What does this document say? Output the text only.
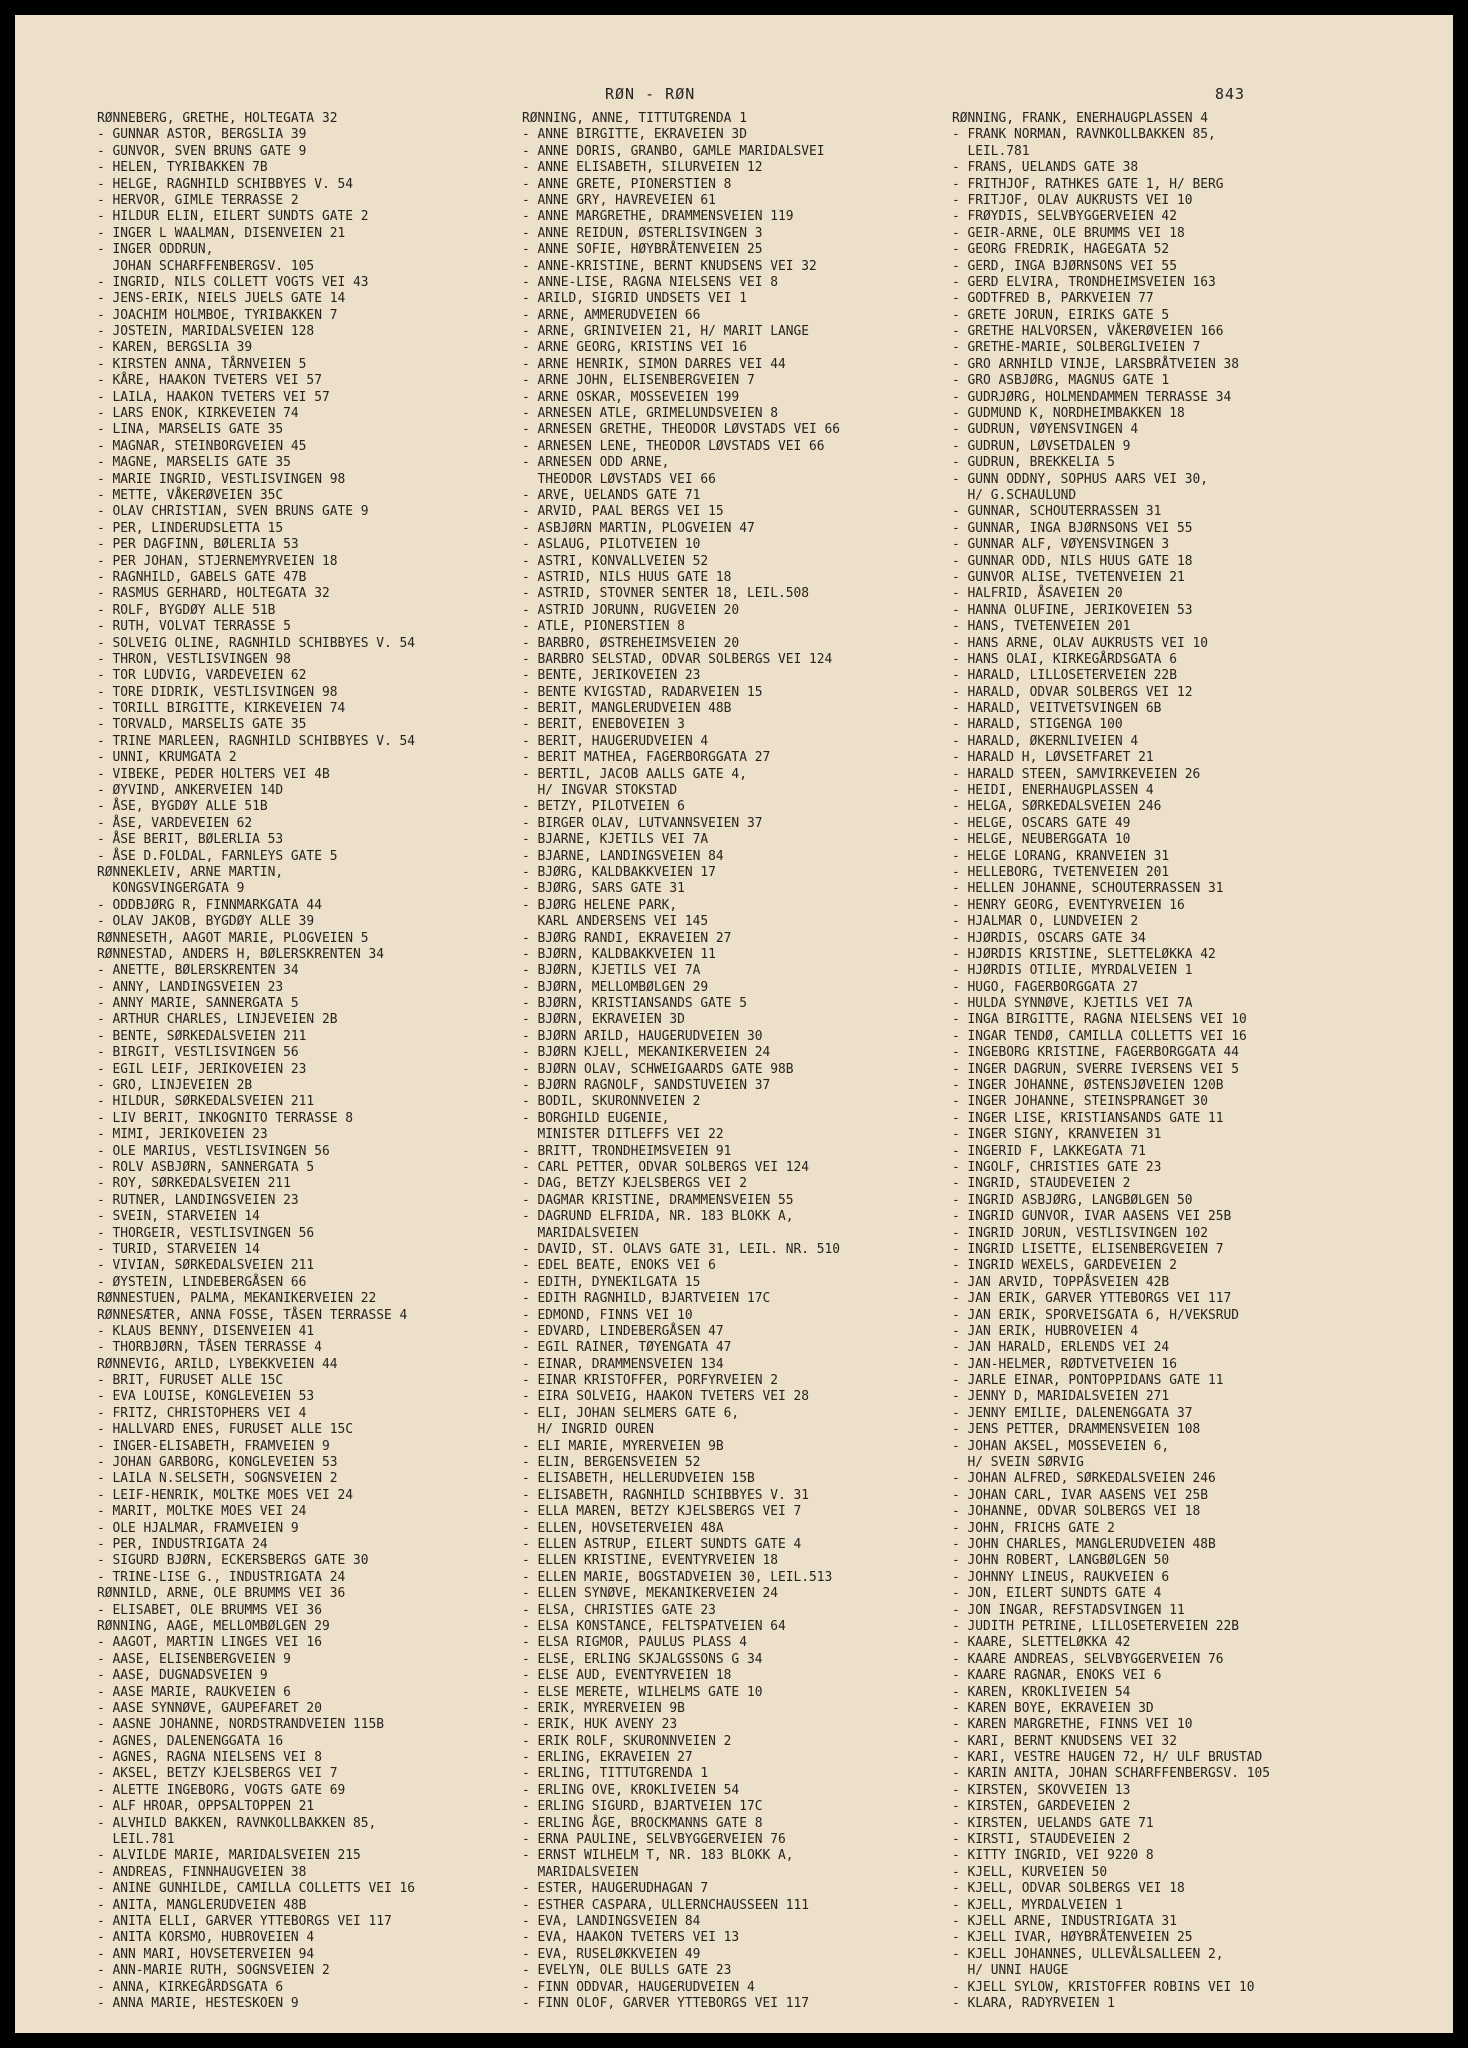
RØN - RØN	843
RØNNEBERG, GRETHE, HOLTEGATA 32
- GUNNAR ASTOR, BERGSLIA 39
- GUNVOR, SVEN BRUNS GATE 9
- HELEN, TYRIBAKKEN 7B
- HELGE, RAGNHILD SCHIBBYES V. 54
- HERVOR, GIMLE TERRASSE 2
- HILDUR ELIN, EILERT SUNDTS GATE 2
- INGER L WAALMAN, DISENVEIEN 21
- INGER ODDRUN,
JOHAN SCHARFFENBERGSV. 105
- INGRID, NILS COLLETT VOGTS VEI 43
- JENS-ERIK, NIELS JUELS GATE 14
- JOACHIM HOLMBOE, TYRIBAKKEN 7
- JOSTEIN, MARIDALSVEIEN 128
- KAREN, BERGSLIA 39
- KIRSTEN ANNA, TÅRNVEIEN 5
- KÅRE, HAAKON TVETERS VEI 57
- LAILA, HAAKON TVETERS VEI 57
- LARS ENOK, KIRKEVEIEN 74
- LINA, MARSELIS GATE 35
- MAGNAR, STEINBORGVEIEN 45
- MAGNE, MARSELIS GATE 35
- MARIE INGRID, VESTLISVINGEN 98
- METTE, VÅKERØVEIEN 35C
- OLAV CHRISTIAN, SVEN BRUNS GATE 9
- PER, LINDERUDSLETTA 15
- PER DAGFINN, BØLERLIA 53
- PER JOHAN, STJERNEMYRVEIEN 18
- RAGNHILD, GABELS GATE 47B
- RASMUS GERHARD, HOLTEGATA 32
- ROLF, BYGDØY ALLE 51B
- RUTH, VOLVAT TERRASSE 5
- SOLVEIG OLINE, RAGNHILD SCHIBBYES V. 54
- THRON, VESTLISVINGEN 98
- TOR LUDVIG, VARDEVEIEN 62
- TORE DIDRIK, VESTLISVINGEN 98
- TORILL BIRGITTE, KIRKEVEIEN 74
- TORVALD, MARSELIS GATE 35
- TRINE MARLEEN, RAGNHILD SCHIBBYES V. 54
- UNNI, KRUMGATA 2
- VIBEKE, PEDER HOLTERS VEI 4B
- ØYVIND, ANKERVEIEN 14D
- ÅSE, BYGDØY ALLE 51B
- ÅSE, VARDEVEIEN 62
- ÅSE BERIT, BØLERLIA 53
- ÅSE D.FOLDAL, FARNLEYS GATE 5
RØNNEKLEIV, ARNE MARTIN,
KONGSVINGERGATA 9
- ODDBJØRG R, FINNMARKGATA 44
- OLAV JAKOB, BYGDØY ALLE 39
RØNNESETH, AAGOT MARIE, PLOGVEIEN 5
RØNNESTAD, ANDERS H, BØLERSKRENTEN 34
- ANETTE, BØLERSKRENTEN 34
- ANNY, LANDINGSVEIEN 23
- ANNY MARIE, SANNERGATA 5
- ARTHUR CHARLES, LINJEVEIEN 2B
- BENTE, SØRKEDALSVEIEN 211
- BIRGIT, VESTLISVINGEN 56
- EGIL LEIF, JERIKOVEIEN 23
- GRO, LINJEVEIEN 2B
- HILDUR, SØRKEDALSVEIEN 211
- LIV BERIT, INKOGNITO TERRASSE 8
- MIMI, JERIKOVEIEN 23
- OLE MARIUS, VESTLISVINGEN 56
- ROLV ASBJØRN, SANNERGATA 5
- ROY, SØRKEDALSVEIEN 211
- RUTNER, LANDINGSVEIEN 23
- SVEIN, STARVEIEN 14
- THORGEIR, VESTLISVINGEN 56
- TURID, STARVEIEN 14
- VIVIAN, SØRKEDALSVEIEN 211
- ØYSTEIN, LINDEBERGÅSEN 66
RØNNESTUEN, PALMA, MEKANIKERVEIEN 22
RØNNESÆTER, ANNA FOSSE, TÅSEN TERRASSE 4
- KLAUS BENNY, DISENVEIEN 41
- THORBJØRN, TÅSEN TERRASSE 4
RØNNEVIG, ARILD, LYBEKKVEIEN 44
- BRIT, FURUSET ALLE 15C
- EVA LOUISE, KONGLEVEIEN 53
- FRITZ, CHRISTOPHERS VEI 4
- HALLVARD ENES, FURUSET ALLE 15C
- INGER-ELISABETH, FRAMVEIEN 9
- JOHAN GARBORG, KONGLEVEIEN 53
- LAILA N.SELSETH, SOGNSVEIEN 2
- LEIF-HENRIK, MOLTKE MOES VEI 24
- MARIT, MOLTKE MOES VEI 24
- OLE HJALMAR, FRAMVEIEN 9
- PER, INDUSTRIGATA 24
- SIGURD BJØRN, ECKERSBERGS GATE 30
- TRINE-LISE G., INDUSTRIGATA 24
RØNNILD, ARNE, OLE BRUMMS VEI 36
- ELISABET, OLE BRUMMS VEI 36
RØNNING, AAGE, MELLOMBØLGEN 29
- AAGOT, MARTIN LINGES VEI 16
- AASE, ELISENBERGVEIEN 9
- AASE, DUGNADSVEIEN 9
- AASE MARIE, RAUKVEIEN 6
- AASE SYNNØVE, GAUPEFARET 20
- AASNE JOHANNE, NORDSTRANDVEIEN 115B
- AGNES, DALENENGGATA 16
- AGNES, RAGNA NIELSENS VEI 8
- AKSEL, BETZY KJELSBERGS VEI 7
- ALETTE INGEBORG, VOGTS GATE 69
- ALF HROAR, OPPSALTOPPEN 21
- ALVHILD BAKKEN, RAVNKOLLBAKKEN 85,
LEIL.781
- ALVILDE MARIE, MARIDALSVEIEN 215
- ANDREAS, FINNHAUGVEIEN 38
- ANINE GUNHILDE, CAMILLA COLLETTS VEI 16
- ANITA, MANGLERUDVEIEN 48B
- ANITA ELLI, GARVER YTTEBORGS VEI 117
- ANITA KORSMO, HUBROVEIEN 4
- ANN MARI, HOVSETERVEIEN 94
- ANN-MARIE RUTH, SOGNSVEIEN 2
- ANNA, KIRKEGÅRDSGATA 6
- ANNA MARIE, HESTESKOEN 9
RØNNING, ANNE, TITTUTGRENDA 1
- ANNE BIRGITTE, EKRAVEIEN 3D
- ANNE DORIS, GRANBO, GAMLE MARIDALSVEI
- ANNE ELISABETH, SILURVEIEN 12
- ANNE GRETE, PIONERSTIEN 8
- ANNE GRY, HAVREVEIEN 61
- ANNE MARGRETHE, DRAMMENSVEIEN 119
- ANNE REIDUN, ØSTERLISVINGEN 3
- ANNE SOFIE, HØYBRÅTENVEIEN 25
- ANNE-KRISTINE, BERNT KNUDSENS VEI 32
- ANNE-LISE, RAGNA NIELSENS VEI 8
- ARILD, SIGRID UNDSETS VEI 1
- ARNE, AMMERUDVEIEN 66
- ARNE, GRINIVEIEN 21, H/ MARIT LANGE
- ARNE GEORG, KRISTINS VEI 16
- ARNE HENRIK, SIMON DARRES VEI 44
- ARNE JOHN, ELISENBERGVEIEN 7
- ARNE OSKAR, MOSSEVEIEN 199
- ARNESEN ATLE, GRIMELUNDSVEIEN 8
- ARNESEN GRETHE, THEODOR LØVSTADS VEI 66
- ARNESEN LENE, THEODOR LØVSTADS VEI 66
- ARNESEN ODD ARNE,
THEODOR LØVSTADS VEI 66
- ARVE, UELANDS GATE 71
- ARVID, PAAL BERGS VEI 15
- ASBJØRN MARTIN, PLOGVEIEN 47
- ASLAUG, PILOTVEIEN 10
- ASTRI, KONVALLVEIEN 52
- ASTRID, NILS HUUS GATE 18
- ASTRID, STOVNER SENTER 18, LEIL.508
- ASTRID JORUNN, RUGVEIEN 20
- ATLE, PIONERSTIEN 8
- BARBRO, ØSTREHEIMSVEIEN 20
- BARBRO SELSTAD, ODVAR SOLBERGS VEI 124
- BENTE, JERIKOVEIEN 23
- BENTE KVIGSTAD, RADARVEIEN 15
- BERIT, MANGLERUDVEIEN 48B
- BERIT, ENEBOVEIEN 3
- BERIT, HAUGERUDVEIEN 4
- BERIT MATHEA, FAGERBORGGATA 27
- BERTIL, JACOB AALLS GATE 4,
H/ INGVAR STOKSTAD
- BETZY, PILOTVEIEN 6
- BIRGER OLAV, LUTVANNSVEIEN 37
- BJARNE, KJETILS VEI 7A
- BJARNE, LANDINGSVEIEN 84
- BJØRG, KALDBAKKVEIEN 17
- BJØRG, SARS GATE 31
- BJØRG HELENE PARK,
KARL ANDERSENS VEI 145
- BJØRG RANDI, EKRAVEIEN 27
- BJØRN, KALDBAKKVEIEN 11
- BJØRN, KJETILS VEI 7A
- BJØRN, MELLOMBØLGEN 29
- BJØRN, KRISTIANSANDS GATE 5
- BJØRN, EKRAVEIEN 3D
- BJØRN ARILD, HAUGERUDVEIEN 30
- BJØRN KJELL, MEKANIKERVEIEN 24
- BJØRN OLAV, SCHWEIGAARDS GATE 98B
- BJØRN RAGNOLF, SANDSTUVEIEN 37
- BODIL, SKURONNVEIEN 2
- BORGHILD EUGENIE,
MINISTER DITLEFFS VEI 22
- BRITT, TRONDHEIMSVEIEN 91
- CARL PETTER, ODVAR SOLBERGS VEI 124
- DAG, BETZY KJELSBERGS VEI 2
- DAGMAR KRISTINE, DRAMMENSVEIEN 55
- DAGRUND ELFRIDA, NR. 183 BLOKK A,
MARIDALSVEIEN
- DAVID, ST. OLAVS GATE 31, LEIL. NR. 510
- EDEL BEATE, ENOKS VEI 6
- EDITH, DYNEKILGATA 15
- EDITH RAGNHILD, BJARTVEIEN 17C
- EDMOND, FINNS VEI 10
- EDVARD, LINDEBERGÅSEN 47
- EGIL RAINER, TØYENGATA 47
- EINAR, DRAMMENSVEIEN 134
- EINAR KRISTOFFER, PORFYRVEIEN 2
- EIRA SOLVEIG, HAAKON TVETERS VEI 28
- ELI, JOHAN SELMERS GATE 6,
H/ INGRID OUREN
- ELI MARIE, MYRERVEIEN 9B
- ELIN, BERGENSVEIEN 52
- ELISABETH, HELLERUDVEIEN 15B
- ELISABETH, RAGNHILD SCHIBBYES V. 31
- ELLA MAREN, BETZY KJELSBERGS VEI 7
- ELLEN, HOVSETERVEIEN 48A
- ELLEN ASTRUP, EILERT SUNDTS GATE 4
- ELLEN KRISTINE, EVENTYRVEIEN 18
- ELLEN MARIE, BOGSTADVEIEN 30, LEIL.513
- ELLEN SYNØVE, MEKANIKERVEIEN 24
- ELSA, CHRISTIES GATE 23
- ELSA KONSTANCE, FELTSPATVEIEN 64
- ELSA RIGMOR, PAULUS PLASS 4
- ELSE, ERLING SKJALGSSONS G 34
- ELSE AUD, EVENTYRVEIEN 18
- ELSE MERETE, WILHELMS GATE 10
- ERIK, MYRERVEIEN 9B
- ERIK, HUK AVENY 23
- ERIK ROLF, SKURONNVEIEN 2
- ERLING, EKRAVEIEN 27
- ERLING, TITTUTGRENDA 1
- ERLING OVE, KROKLIVEIEN 54
- ERLING SIGURD, BJARTVEIEN 17C
- ERLING ÅGE, BROCKMANNS GATE 8
- ERNA PAULINE, SELVBYGGERVEIEN 76
- ERNST WILHELM T, NR. 183 BLOKK A,
MARIDALSVEIEN
- ESTER, HAUGERUDHAGAN 7
- ESTHER CASPARA, ULLERNCHAUSSEEN 111
- EVA, LANDINGSVEIEN 84
- EVA, HAAKON TVETERS VEI 13
- EVA, RUSELØKKVEIEN 49
- EVELYN, OLE BULLS GATE 23
- FINN ODDVAR, HAUGERUDVEIEN 4
- FINN OLOF, GARVER YTTEBORGS VEI 117
RØNNING, FRANK, ENERHAUGPLASSEN 4
- FRANK NORMAN, RAVNKOLLBAKKEN 85,
LEIL.781
- FRANS, UELANDS GATE 38
- FRITHJOF, RATHKES GATE 1, H/ BERG
- FRITJOF, OLAV AUKRUSTS VEI 10
- FRØYDIS, SELVBYGGERVEIEN 42
- GEIR-ARNE, OLE BRUMMS VEI 18
- GEORG FREDRIK, HAGEGATA 52
- GERD, INGA BJØRNSONS VEI 55
- GERD ELVIRA, TRONDHEIMSVEIEN 163
- GODTFRED B, PARKVEIEN 77
- GRETE JORUN, EIRIKS GATE 5
- GRETHE HALVORSEN, VÅKERØVEIEN 166
- GRETHE-MARIE, SOLBERGLIVEIEN 7
- GRO ARNHILD VINJE, LARSBRÅTVEIEN 38
- GRO ASBJØRG, MAGNUS GATE 1
- GUDRJØRG, HOLMENDAMMEN TERRASSE 34
- GUDMUND K, NORDHEIMBAKKEN 18
- GUDRUN, VØYENSVINGEN 4
- GUDRUN, LØVSETDALEN 9
- GUDRUN, BREKKELIA 5
- GUNN ODDNY, SOPHUS AARS VEI 30,
H/ G.SCHAULUND
- GUNNAR, SCHOUTERRASSEN 31
- GUNNAR, INGA BJØRNSONS VEI 55
- GUNNAR ALF, VØYENSVINGEN 3
- GUNNAR ODD, NILS HUUS GATE 18
- GUNVOR ALISE, TVETENVEIEN 21
- HALFRID, ÅSAVEIEN 20
- HANNA OLUFINE, JERIKOVEIEN 53
- HANS, TVETENVEIEN 201
- HANS ARNE, OLAV AUKRUSTS VEI 10
- HANS OLAI, KIRKEGÅRDSGATA 6
- HARALD, LILLOSETERVEIEN 22B
- HARALD, ODVAR SOLBERGS VEI 12
- HARALD, VEITVETSVINGEN 6B
- HARALD, STIGENGA 100
- HARALD, ØKERNLIVEIEN 4
- HARALD H, LØVSETFARET 21
- HARALD STEEN, SAMVIRKEVEIEN 26
- HEIDI, ENERHAUGPLASSEN 4
- HELGA, SØRKEDALSVEIEN 246
- HELGE, OSCARS GATE 49
- HELGE, NEUBERGGATA 10
- HELGE LORANG, KRANVEIEN 31
- HELLEBORG, TVETENVEIEN 201
- HELLEN JOHANNE, SCHOUTERRASSEN 31
- HENRY GEORG, EVENTYRVEIEN 16
- HJALMAR O, LUNDVEIEN 2
- HJØRDIS, OSCARS GATE 34
- HJØRDIS KRISTINE, SLETTELØKKA 42
- HJØRDIS OTILIE, MYRDALVEIEN 1
- HUGO, FAGERBORGGATA 27
- HULDA SYNNØVE, KJETILS VEI 7A
- INGA BIRGITTE, RAGNA NIELSENS VEI 10
- INGAR TENDØ, CAMILLA COLLETTS VEI 16
- INGEBORG KRISTINE, FAGERBORGGATA 44
- INGER DAGRUN, SVERRE IVERSENS VEI 5
- INGER JOHANNE, ØSTENSJØVEIEN 120B
- INGER JOHANNE, STEINSPRANGET 30
- INGER LISE, KRISTIANSANDS GATE 11
- INGER SIGNY, KRANVEIEN 31
- INGERID F, LAKKEGATA 71
- INGOLF, CHRISTIES GATE 23
- INGRID, STAUDEVEIEN 2
- INGRID ASBJØRG, LANGBØLGEN 50
- INGRID GUNVOR, IVAR AASENS VEI 25B
- INGRID JORUN, VESTLISVINGEN 102
- INGRID LISETTE, ELISENBERGVEIEN 7
- INGRID WEXELS, GARDEVEIEN 2
- JAN ARVID, TOPPÅSVEIEN 42B
- JAN ERIK, GARVER YTTEBORGS VEI 117
- JAN ERIK, SPORVEISGATA 6, H/VEKSRUD
- JAN ERIK, HUBROVEIEN 4
- JAN HARALD, ERLENDS VEI 24
- JAN-HELMER, RØDTVETVEIEN 16
- JARLE EINAR, PONTOPPIDANS GATE 11
- JENNY D, MARIDALSVEIEN 271
- JENNY EMILIE, DALENENGGATA 37
- JENS PETTER, DRAMMENSVEIEN 108
- JOHAN AKSEL, MOSSEVEIEN 6,
H/ SVEIN SØRVIG
- JOHAN ALFRED, SØRKEDALSVEIEN 246
- JOHAN CARL, IVAR AASENS VEI 25B
- JOHANNE, ODVAR SOLBERGS VEI 18
- JOHN, FRICHS GATE 2
- JOHN CHARLES, MANGLERUDVEIEN 48B
- JOHN ROBERT, LANGBØLGEN 50
- JOHNNY LINEUS, RAUKVEIEN 6
- JON, EILERT SUNDTS GATE 4
- JON INGAR, REFSTADSVINGEN 11
- JUDITH PETRINE, LILLOSETERVEIEN 22B
- KAARE, SLETTELØKKA 42
- KAARE ANDREAS, SELVBYGGERVEIEN 76
- KAARE RAGNAR, ENOKS VEI 6
- KAREN, KROKLIVEIEN 54
- KAREN BOYE, EKRAVEIEN 3D
- KAREN MARGRETHE, FINNS VEI 10
- KARI, BERNT KNUDSENS VEI 32
- KARI, VESTRE HAUGEN 72, H/ ULF BRUSTAD
- KARIN ANITA, JOHAN SCHARFFENBERGSV. 105
- KIRSTEN, SKOVVEIEN 13
- KIRSTEN, GARDEVEIEN 2
- KIRSTEN, UELANDS GATE 71
- KIRSTI, STAUDEVEIEN 2
- KITTY INGRID, VEI 9220 8
- KJELL, KURVEIEN 50
- KJELL, ODVAR SOLBERGS VEI 18
- KJELL, MYRDALVEIEN 1
- KJELL ARNE, INDUSTRIGATA 31
- KJELL IVAR, HØYBRÅTENVEIEN 25
- KJELL JOHANNES, ULLEVÅLSALLEEN 2,
H/ UNNI HAUGE
- KJELL SYLOW, KRISTOFFER ROBINS VEI 10
- KLARA, RADYRVEIEN 1
